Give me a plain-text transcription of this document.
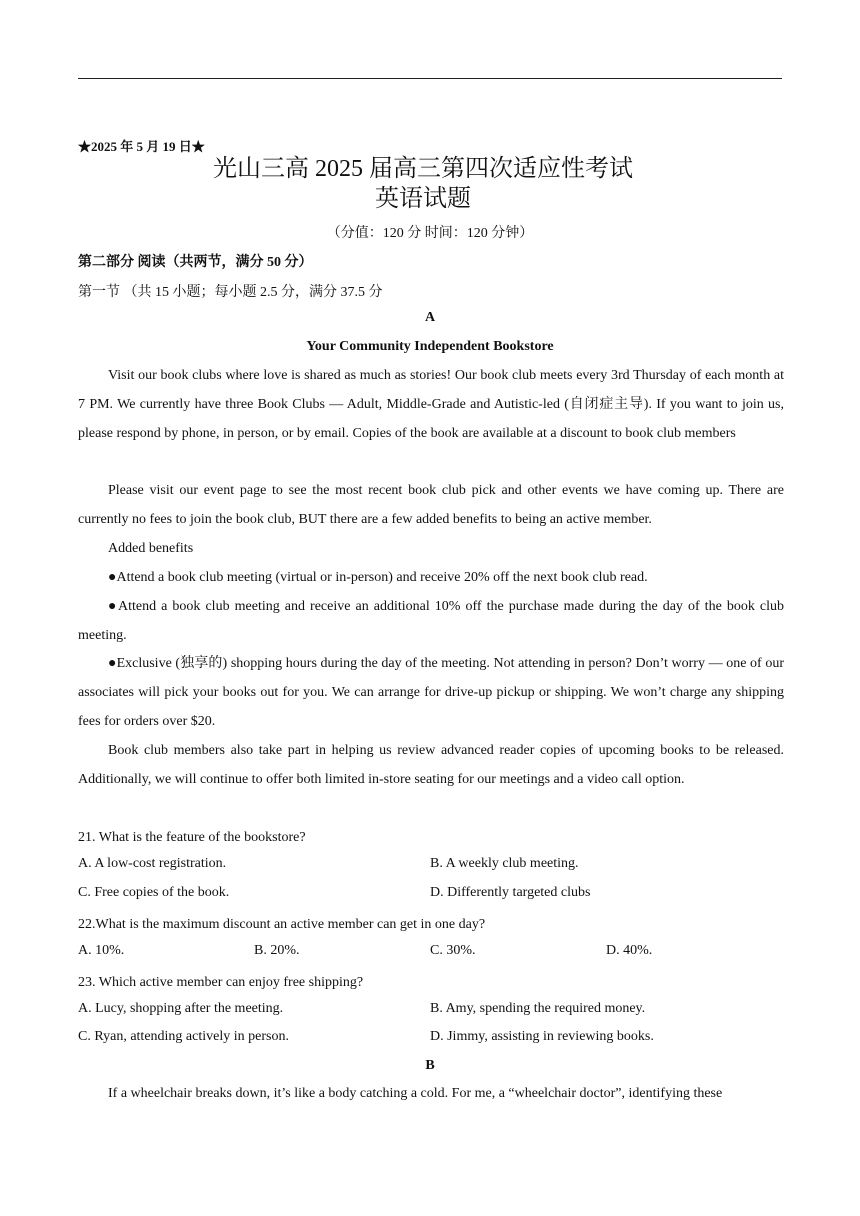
★2025 年 5 月 19 日★
光山三高 2025 届高三第四次适应性考试
英语试题
（分值：120 分 时间：120 分钟）
第二部分 阅读（共两节，满分 50 分）
第一节 （共 15 小题；每小题 2.5 分，满分 37.5 分
A
Your Community Independent Bookstore

Visit our book clubs where love is shared as much as stories! Our book club meets every 3rd Thursday of each month at 7 PM. We currently have three Book Clubs — Adult, Middle-Grade and Autistic-led (自闭症主导). If you want to join us, please respond by phone, in person, or by email. Copies of the book are available at a discount to book club members

Please visit our event page to see the most recent book club pick and other events we have coming up. There are currently no fees to join the book club, BUT there are a few added benefits to being an active member.

Added benefits

●Attend a book club meeting (virtual or in-person) and receive 20% off the next book club read.

●Attend a book club meeting and receive an additional 10% off the purchase made during the day of the book club meeting.

●Exclusive (独享的) shopping hours during the day of the meeting. Not attending in person? Don’t worry — one of our associates will pick your books out for you. We can arrange for drive-up pickup or shipping. We won’t charge any shipping fees for orders over $20.

Book club members also take part in helping us review advanced reader copies of upcoming books to be released. Additionally, we will continue to offer both limited in-store seating for our meetings and a video call option.

21. What is the feature of the bookstore?
A. A low-cost registration.	B. A weekly club meeting.
C. Free copies of the book.	D. Differently targeted clubs
22.What is the maximum discount an active member can get in one day?
A. 10%.	B. 20%.	C. 30%.	D. 40%.
23. Which active member can enjoy free shipping?
A. Lucy, shopping after the meeting.	B. Amy, spending the required money.
C. Ryan, attending actively in person.	D. Jimmy, assisting in reviewing books.
B

If a wheelchair breaks down, it’s like a body catching a cold. For me, a “wheelchair doctor”, identifying these
